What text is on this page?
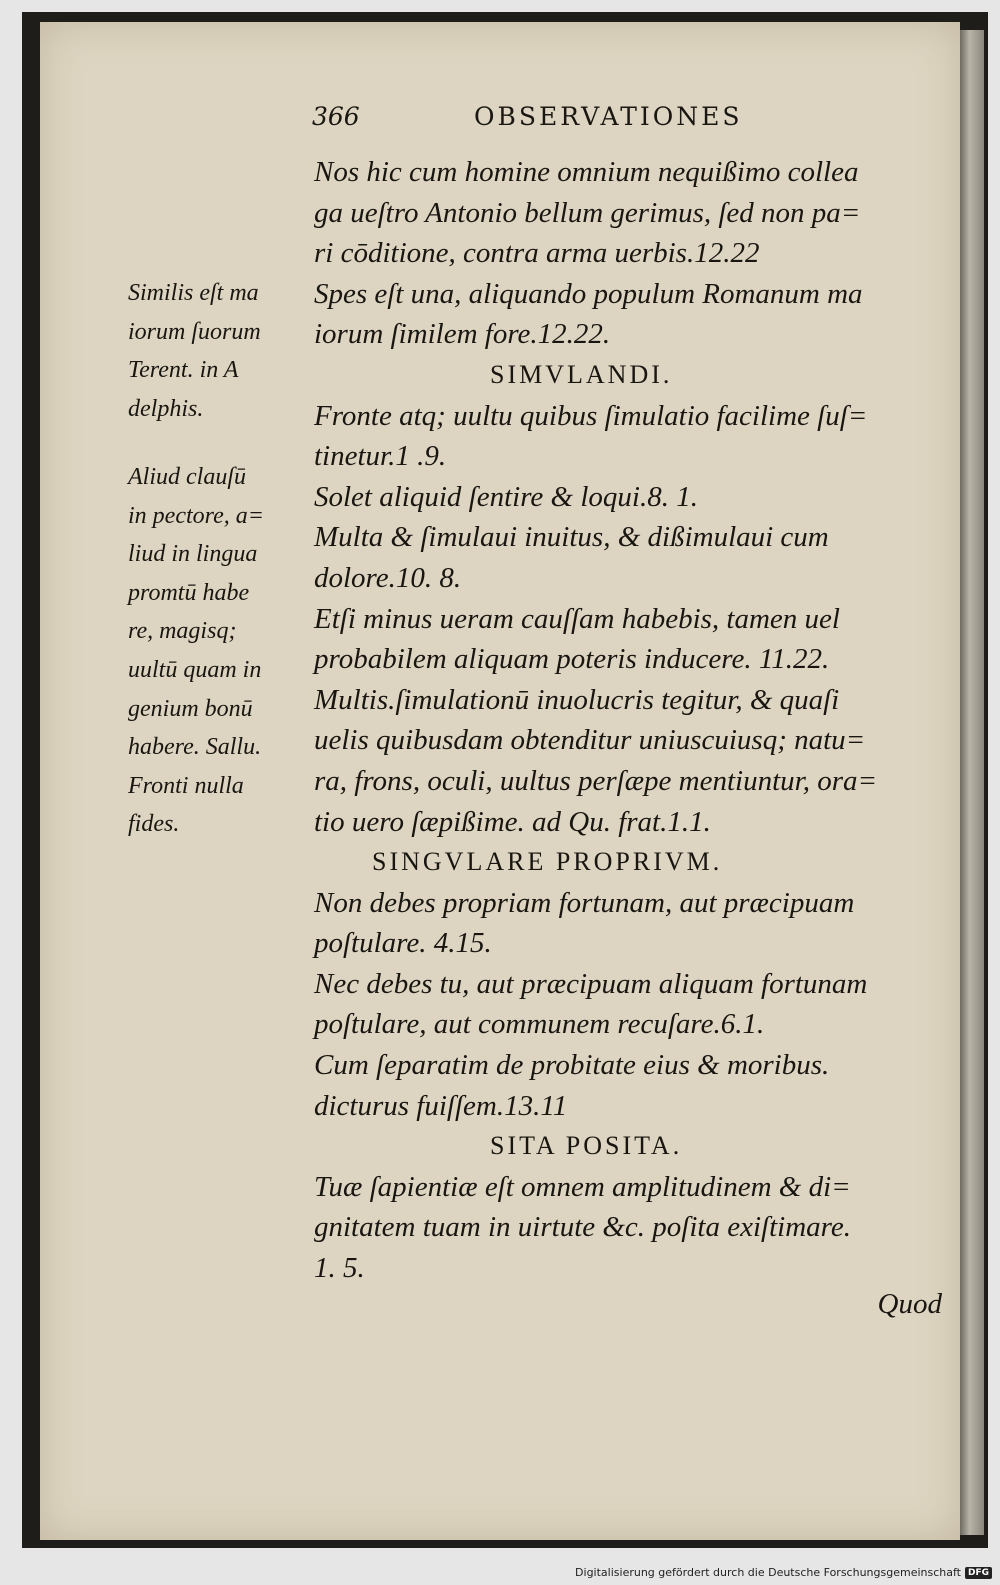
366	OBSERVATIONES
Nos hic cum homine omnium nequißimo collea
ga ueſtro Antonio bellum gerimus, ſed non pa=
ri cōditione, contra arma uerbis.12.22
Spes eſt una, aliquando populum Romanum ma
iorum ſimilem fore.12.22.
SIMVLANDI.
Fronte atq; uultu quibus ſimulatio facilime ſuſ=
tinetur.1 .9.
Solet aliquid ſentire & loqui.8. 1.
Multa & ſimulaui inuitus, & dißimulaui cum
dolore.10. 8.
Etſi minus ueram cauſſam habebis, tamen uel
probabilem aliquam poteris inducere. 11.22.
Multis.ſimulationū inuolucris tegitur, & quaſi
uelis quibusdam obtenditur uniuscuiusq; natu=
ra, frons, oculi, uultus perſæpe mentiuntur, ora=
tio uero ſæpißime. ad Qu. frat.1.1.
SINGVLARE PROPRIVM.
Non debes propriam fortunam, aut præcipuam
poſtulare. 4.15.
Nec debes tu, aut præcipuam aliquam fortunam
poſtulare, aut communem recuſare.6.1.
Cum ſeparatim de probitate eius & moribus.
dicturus fuiſſem.13.11
SITA POSITA.
Tuæ ſapientiæ eſt omnem amplitudinem & di=
gnitatem tuam in uirtute &c. poſita exiſtimare.
1. 5.
Similis eſt ma
iorum ſuorum
Terent. in A
delphis.
Aliud clauſū
in pectore, a=
liud in lingua
promtū habe
re, magisq;
uultū quam in
genium bonū
habere. Sallu.
Fronti nulla
fides.
Quod
Digitalisierung gefördert durch die Deutsche Forschungsgemeinschaft DFG
